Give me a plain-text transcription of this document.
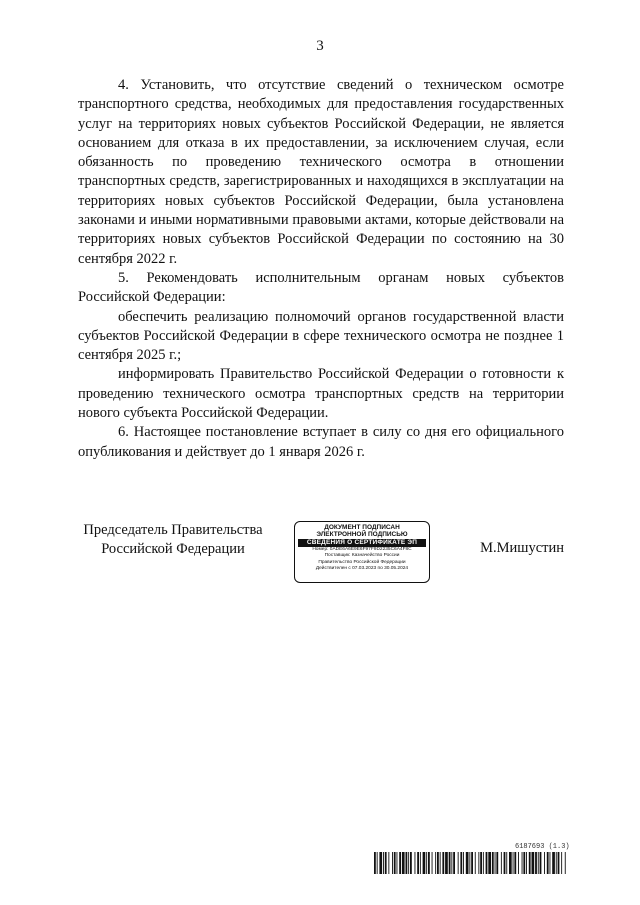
3

4. Установить, что отсутствие сведений о техническом осмотре транспортного средства, необходимых для предоставления государственных услуг на территориях новых субъектов Российской Федерации, не является основанием для отказа в их предоставлении, за исключением случая, если обязанность по проведению технического осмотра в отношении транспортных средств, зарегистрированных и находящихся в эксплуатации на территориях новых субъектов Российской Федерации, была установлена законами и иными нормативными правовыми актами, которые действовали на территориях новых субъектов Российской Федерации по состоянию на 30 сентября 2022 г.

5. Рекомендовать исполнительным органам новых субъектов Российской Федерации:

обеспечить реализацию полномочий органов государственной власти субъектов Российской Федерации в сфере технического осмотра не позднее 1 сентября 2025 г.;

информировать Правительство Российской Федерации о готовности к проведению технического осмотра транспортных средств на территории нового субъекта Российской Федерации.

6. Настоящее постановление вступает в силу со дня его официального опубликования и действует до 1 января 2026 г.

Председатель Правительства
Российской Федерации
ДОКУМЕНТ ПОДПИСАН
ЭЛЕКТРОННОЙ ПОДПИСЬЮ
СВЕДЕНИЯ О СЕРТИФИКАТЕ ЭП
Номер: 0ADE6A6E9E6F97F9D2235C6A4F8C
Поставщик: Казначейство России
Правительство Российской Федерации
Действителен с 07.03.2023 по 30.05.2024
М.Мишустин
6187693 (1.3)
